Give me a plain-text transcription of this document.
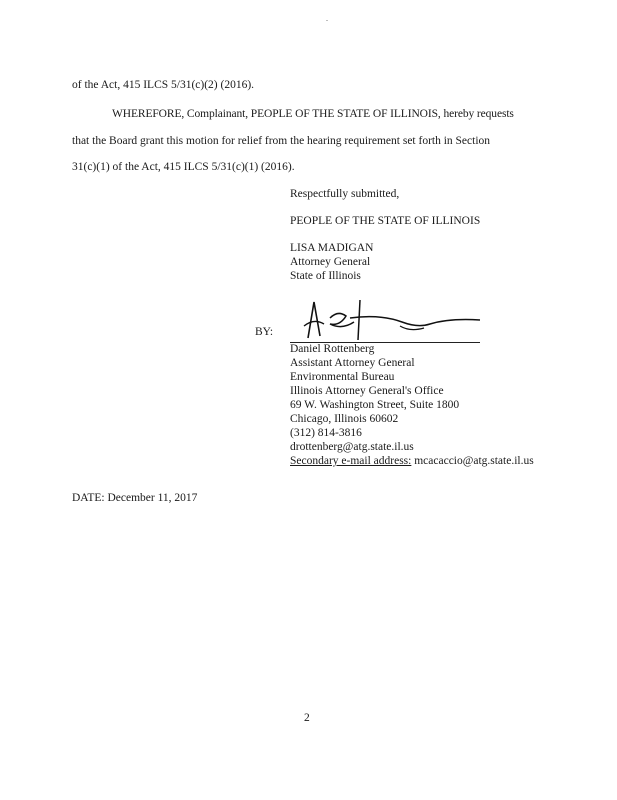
.
of the Act, 415 ILCS 5/31(c)(2) (2016).
WHEREFORE, Complainant, PEOPLE OF THE STATE OF ILLINOIS, hereby requests
that the Board grant this motion for relief from the hearing requirement set forth in Section
31(c)(1) of the Act, 415 ILCS 5/31(c)(1) (2016).
Respectfully submitted,
PEOPLE OF THE STATE OF ILLINOIS
LISA MADIGAN
Attorney General
State of Illinois
BY:
Daniel Rottenberg
Assistant Attorney General
Environmental Bureau
Illinois Attorney General's Office
69 W. Washington Street, Suite 1800
Chicago, Illinois 60602
(312) 814-3816
drottenberg@atg.state.il.us
Secondary e-mail address: mcacaccio@atg.state.il.us
DATE: December 11, 2017
2
